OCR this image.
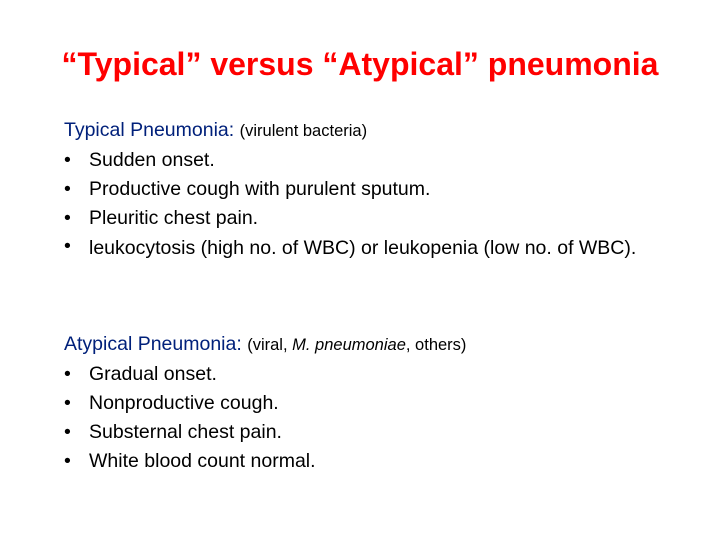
“Typical” versus “Atypical” pneumonia
Typical Pneumonia: (virulent bacteria)
• Sudden onset.
• Productive cough with purulent sputum.
• Pleuritic chest pain.
• leukocytosis (high no. of WBC) or leukopenia (low no. of WBC).
Atypical Pneumonia: (viral, M. pneumoniae, others)
• Gradual onset.
• Nonproductive cough.
• Substernal chest pain.
• White blood count normal.
